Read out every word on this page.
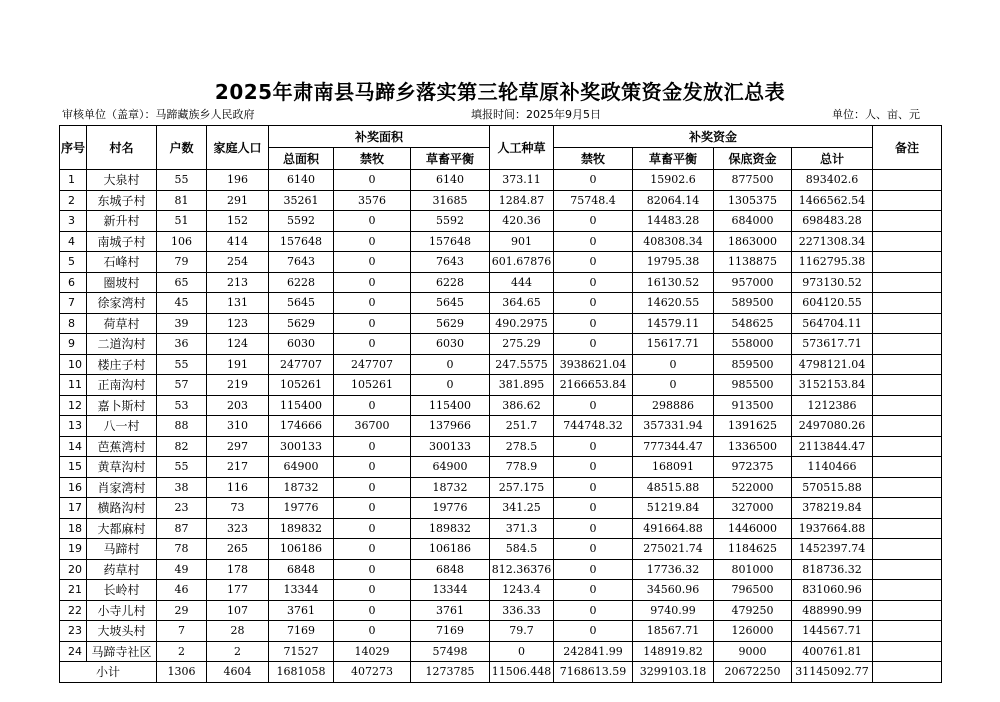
2025年肃南县马蹄乡落实第三轮草原补奖政策资金发放汇总表
审核单位（盖章）：马蹄藏族乡人民政府	填报时间：2025年9月5日	单位：人、亩、元
序号	村名	户数	家庭人口	补奖面积			人工种草	补奖资金				备注
				总面积	禁牧	草畜平衡		禁牧	草畜平衡	保底资金	总计	
1	大泉村	55	196	6140	0	6140	373.11	0	15902.6	877500	893402.6	
2	东城子村	81	291	35261	3576	31685	1284.87	75748.4	82064.14	1305375	1466562.54	
3	新升村	51	152	5592	0	5592	420.36	0	14483.28	684000	698483.28	
4	南城子村	106	414	157648	0	157648	901	0	408308.34	1863000	2271308.34	
5	石峰村	79	254	7643	0	7643	601.67876	0	19795.38	1138875	1162795.38	
6	圈坡村	65	213	6228	0	6228	444	0	16130.52	957000	973130.52	
7	徐家湾村	45	131	5645	0	5645	364.65	0	14620.55	589500	604120.55	
8	荷草村	39	123	5629	0	5629	490.2975	0	14579.11	548625	564704.11	
9	二道沟村	36	124	6030	0	6030	275.29	0	15617.71	558000	573617.71	
10	楼庄子村	55	191	247707	247707	0	247.5575	3938621.04	0	859500	4798121.04	
11	正南沟村	57	219	105261	105261	0	381.895	2166653.84	0	985500	3152153.84	
12	嘉卜斯村	53	203	115400	0	115400	386.62	0	298886	913500	1212386	
13	八一村	88	310	174666	36700	137966	251.7	744748.32	357331.94	1391625	2497080.26	
14	芭蕉湾村	82	297	300133	0	300133	278.5	0	777344.47	1336500	2113844.47	
15	黄草沟村	55	217	64900	0	64900	778.9	0	168091	972375	1140466	
16	肖家湾村	38	116	18732	0	18732	257.175	0	48515.88	522000	570515.88	
17	横路沟村	23	73	19776	0	19776	341.25	0	51219.84	327000	378219.84	
18	大都麻村	87	323	189832	0	189832	371.3	0	491664.88	1446000	1937664.88	
19	马蹄村	78	265	106186	0	106186	584.5	0	275021.74	1184625	1452397.74	
20	药草村	49	178	6848	0	6848	812.36376	0	17736.32	801000	818736.32	
21	长岭村	46	177	13344	0	13344	1243.4	0	34560.96	796500	831060.96	
22	小寺儿村	29	107	3761	0	3761	336.33	0	9740.99	479250	488990.99	
23	大坡头村	7	28	7169	0	7169	79.7	0	18567.71	126000	144567.71	
24	马蹄寺社区	2	2	71527	14029	57498	0	242841.99	148919.82	9000	400761.81	
小计		1306	4604	1681058	407273	1273785	11506.448	7168613.59	3299103.18	20672250	31145092.77	
